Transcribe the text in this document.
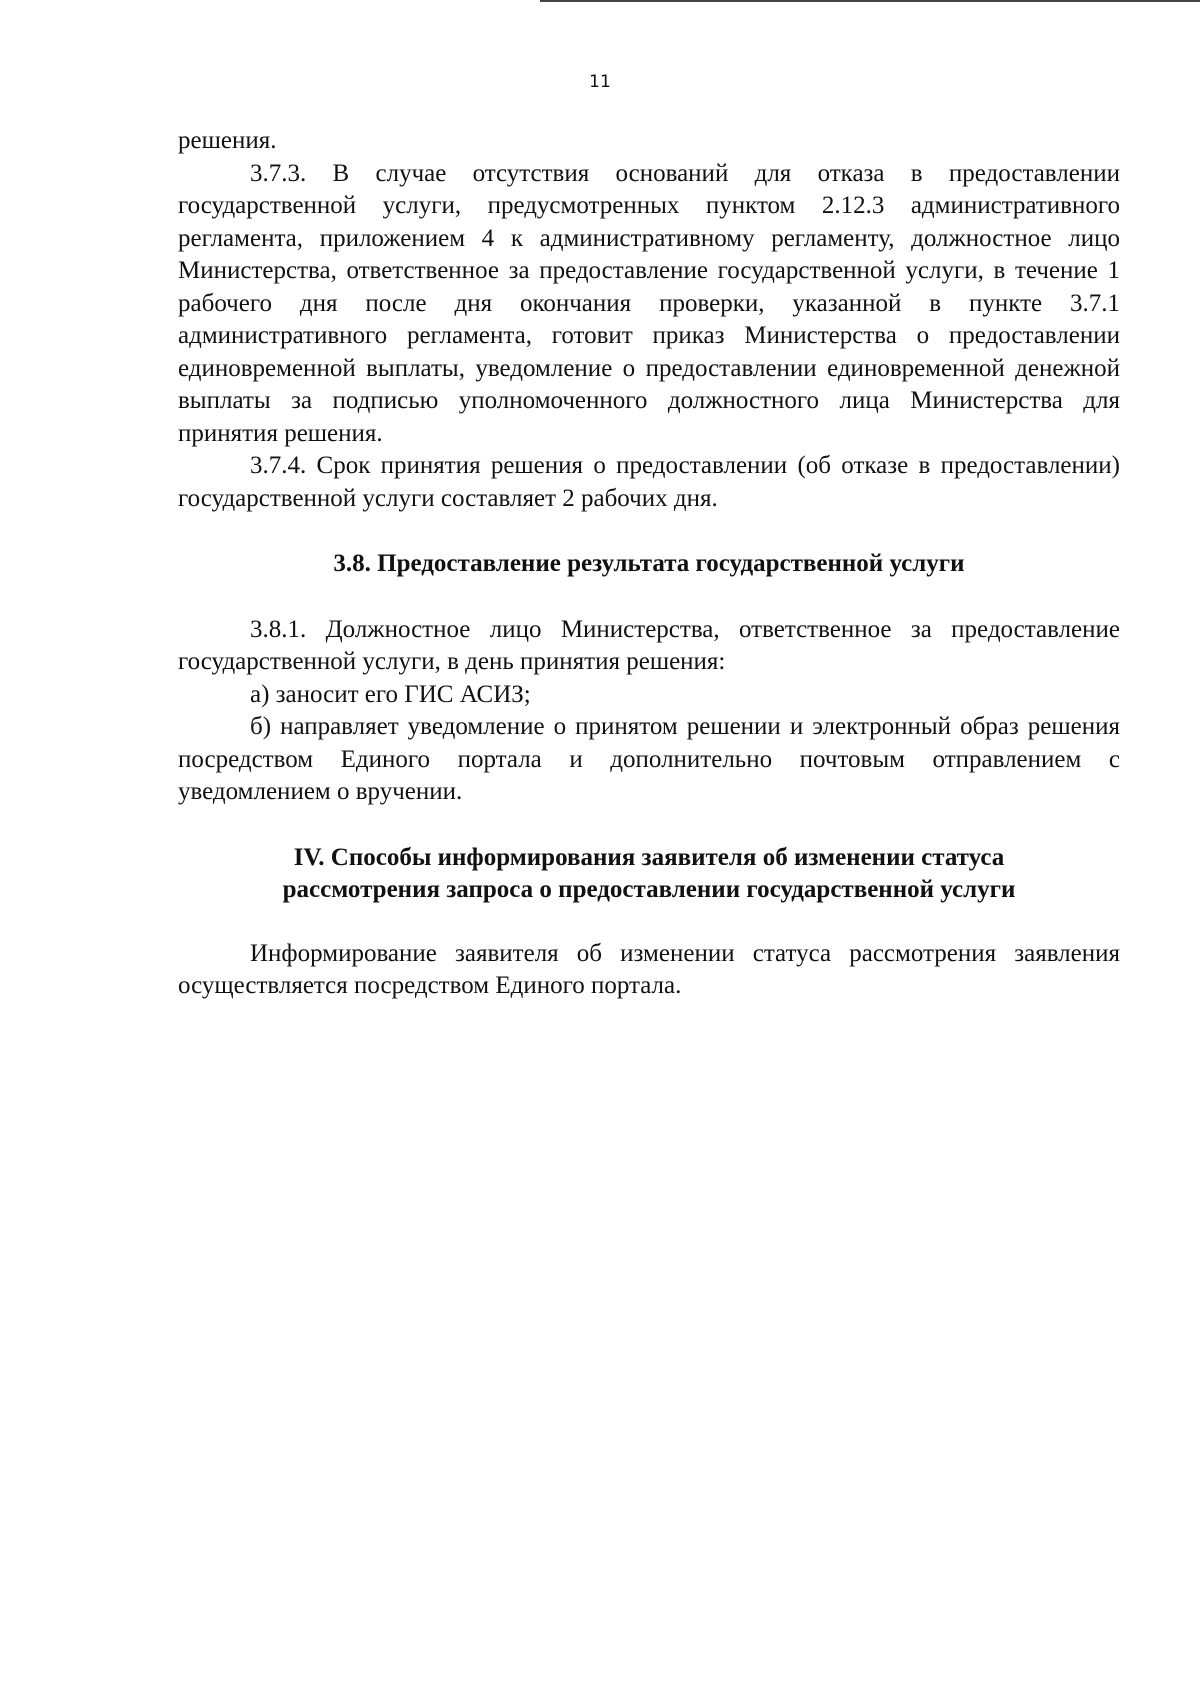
11

решения.

3.7.3. В случае отсутствия оснований для отказа в предоставлении государственной услуги, предусмотренных пунктом 2.12.3 административного регламента, приложением 4 к административному регламенту, должностное лицо Министерства, ответственное за предоставление государственной услуги, в течение 1 рабочего дня после дня окончания проверки, указанной в пункте 3.7.1 административного регламента, готовит приказ Министерства о предоставлении единовременной выплаты, уведомление о предоставлении единовременной денежной выплаты за подписью уполномоченного должностного лица Министерства для принятия решения.

3.7.4. Срок принятия решения о предоставлении (об отказе в предоставлении) государственной услуги составляет 2 рабочих дня.

3.8. Предоставление результата государственной услуги

3.8.1. Должностное лицо Министерства, ответственное за предоставление государственной услуги, в день принятия решения:

а) заносит его ГИС АСИЗ;

б) направляет уведомление о принятом решении и электронный образ решения посредством Единого портала и дополнительно почтовым отправлением с уведомлением о вручении.

IV. Способы информирования заявителя об изменении статуса
рассмотрения запроса о предоставлении государственной услуги

Информирование заявителя об изменении статуса рассмотрения заявления осуществляется посредством Единого портала.
